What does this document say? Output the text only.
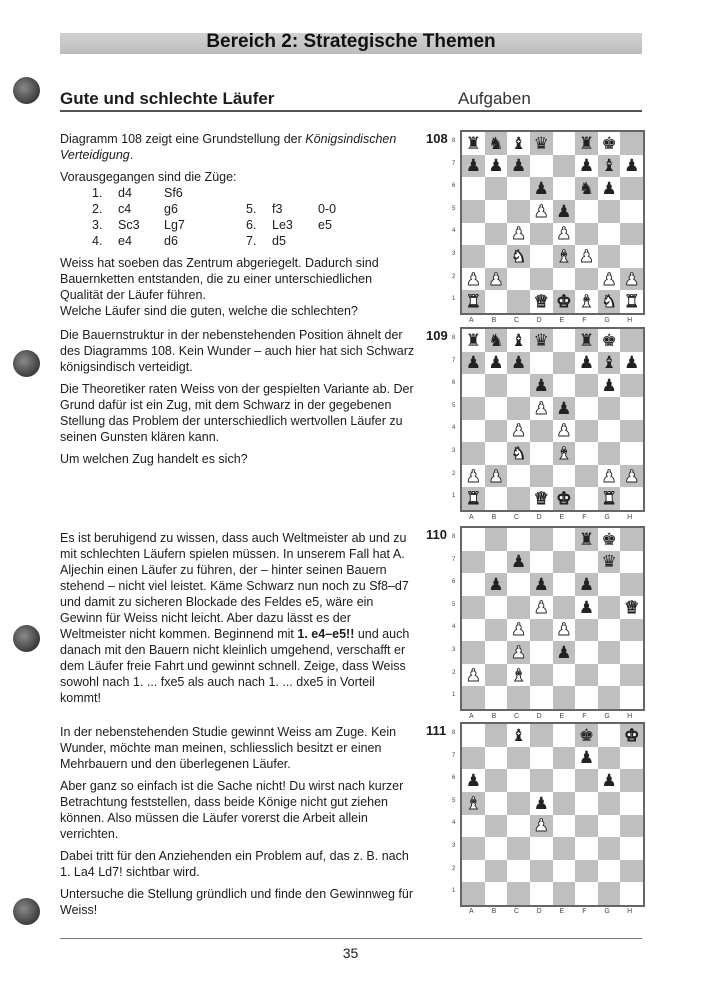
Bereich 2: Strategische Themen
Gute und schlechte Läufer	Aufgaben

Diagramm 108 zeigt eine Grundstellung der Königsindischen Verteidigung.

Vorausgegangen sind die Züge:

1.	d4	Sf6
2.	c4	g6	5.	f3	0-0
3.	Sc3	Lg7	6.	Le3	e5
4.	e4	d6	7.	d5

Weiss hat soeben das Zentrum abgeriegelt. Dadurch sind Bauernketten entstanden, die zu einer unterschiedlichen Qualität der Läufer führen.

Welche Läufer sind die guten, welche die schlechten?

Die Bauernstruktur in der nebenstehenden Position ähnelt der des Diagramms 108. Kein Wunder – auch hier hat sich Schwarz königsindisch verteidigt.

Die Theoretiker raten Weiss von der gespielten Variante ab. Der Grund dafür ist ein Zug, mit dem Schwarz in der gegebenen Stellung das Problem der unterschiedlich wertvollen Läufer zu seinen Gunsten klären kann.

Um welchen Zug handelt es sich?

Es ist beruhigend zu wissen, dass auch Weltmeister ab und zu mit schlechten Läufern spielen müssen. In unserem Fall hat A. Aljechin einen Läufer zu führen, der – hinter seinen Bauern stehend – nicht viel leistet. Käme Schwarz nun noch zu Sf8–d7 und damit zu sicheren Blockade des Feldes e5, wäre ein Gewinn für Weiss nicht leicht. Aber dazu lässt es der Weltmeister nicht kommen. Beginnend mit 1. e4–e5!! und auch danach mit den Bauern nicht kleinlich umgehend, verschafft er dem Läufer freie Fahrt und gewinnt schnell. Zeige, dass Weiss sowohl nach 1. ... fxe5 als auch nach 1. ... dxe5 in Vorteil kommt!

In der nebenstehenden Studie gewinnt Weiss am Zuge. Kein Wunder, möchte man meinen, schliesslich besitzt er einen Mehrbauern und den überlegenen Läufer.

Aber ganz so einfach ist die Sache nicht! Du wirst nach kurzer Betrachtung feststellen, dass beide Könige nicht gut ziehen können. Also müssen die Läufer vorerst die Arbeit allein verrichten.

Dabei tritt für den Anziehenden ein Problem auf, das z. B. nach 1. La4 Ld7! sichtbar wird.

Untersuche die Stellung gründlich und finde den Gewinnweg für Weiss!

108 ♜ ♞ ♝ ♛ ♜ ♚
♟ ♟ ♟	♟ ♝ ♟
♟ ♞ ♟
♟ ♟
♟ ♟
♞ ♝ ♟
♟ ♟	♟ ♟
♜	♛ ♚ ♝ ♞ ♜
8
7
6
5
4
3
2
1
A	B	C	D	E	F	G	H
109 ♜ ♞ ♝ ♛ ♜ ♚
♟ ♟ ♟	♟ ♝ ♟
♟	♟
♟ ♟
♟ ♟
♞ ♝
♟ ♟	♟ ♟
♜	♛ ♚ ♜
8
7
6
5
4
3
2
1
A	B	C	D	E	F	G	H
110	♜ ♚
♟	♛
♟ ♟ ♟
♟ ♟ ♛
♟ ♟
♟ ♟
♟ ♝
8
7
6
5
4
3
2
1
A	B	C	D	E	F	G	H
111	♝	♚ ♚
♟
♟	♟
♝	♟
♟
8
7
6
5
4
3
2
1
A	B	C	D	E	F	G	H
35
